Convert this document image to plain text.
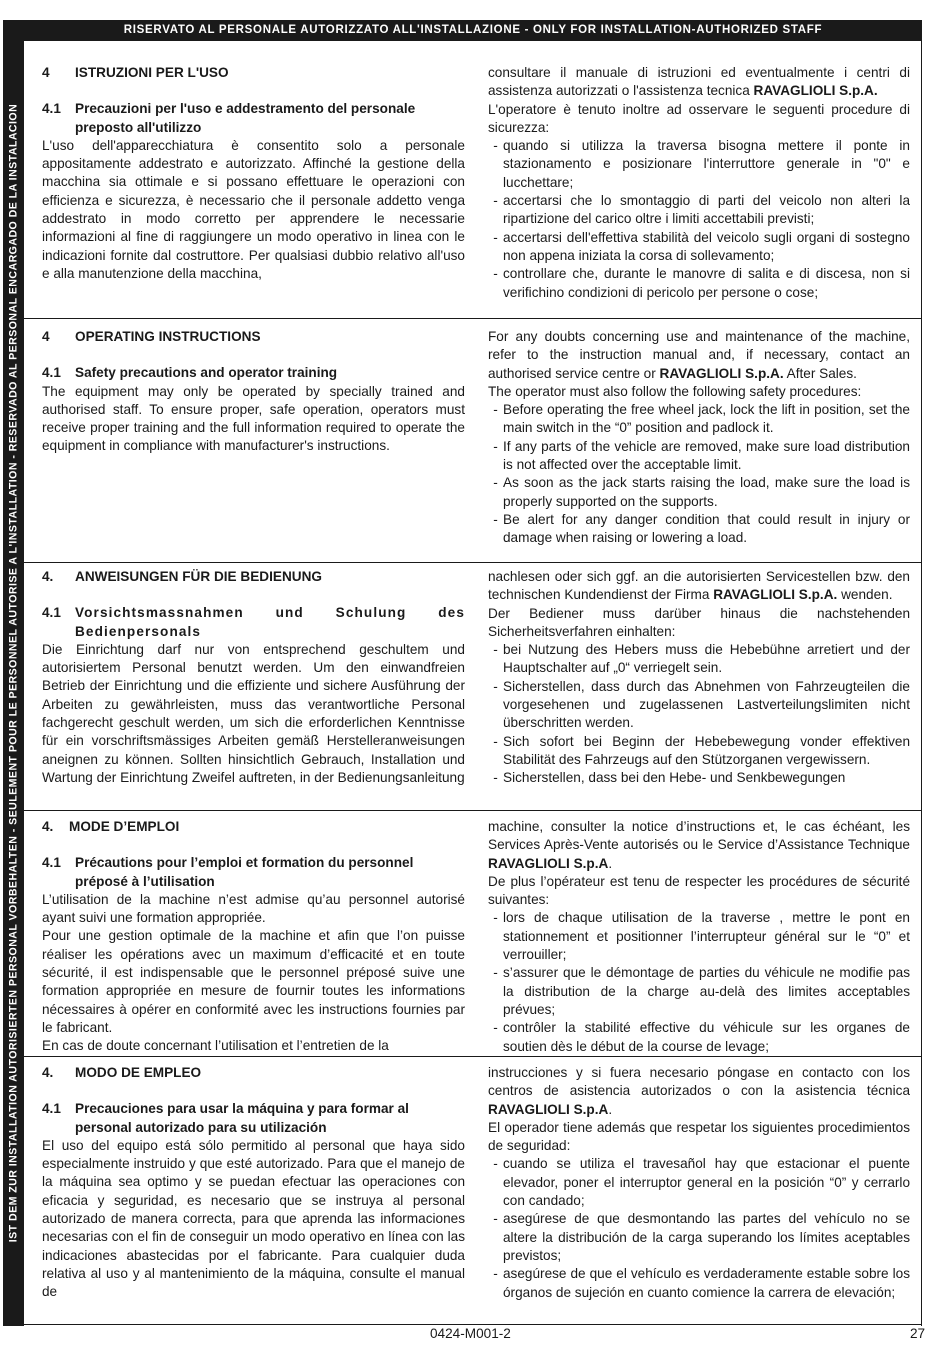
IST DEM ZUR INSTALLATION AUTORISIERTEN PERSONAL VORBEHALTEN - SEULEMENT POUR LE PERSONNEL AUTORISE A L'INSTALLATION - RESERVADO AL PERSONAL ENCARGADO DE LA INSTALACION
RISERVATO AL PERSONALE AUTORIZZATO ALL'INSTALLAZIONE - ONLY FOR INSTALLATION-AUTHORIZED STAFF
4	ISTRUZIONI PER L'USO
4.1	Precauzioni per l'uso e addestramento del personale preposto all'utilizzo
L'uso dell'apparecchiatura è consentito solo a personale appositamente addestrato e autorizzato. Affinché la gestione della macchina sia ottimale e si possano effettuare le operazioni con efficienza e sicurezza, è necessario che il personale addetto venga addestrato in modo corretto per apprendere le necessarie informazioni al fine di raggiungere un modo operativo in linea con le indicazioni fornite dal costruttore. Per qualsiasi dubbio relativo all'uso e alla manutenzione della macchina,
consultare il manuale di istruzioni ed eventualmente i centri di assistenza autorizzati o l'assistenza tecnica RAVAGLIOLI S.p.A.
L'operatore è tenuto inoltre ad osservare le seguenti procedure di sicurezza:
- quando si utilizza la traversa bisogna mettere il ponte in stazionamento e posizionare l'interruttore generale in "0" e lucchettare;
- accertarsi che lo smontaggio di parti del veicolo non alteri la ripartizione del carico oltre i limiti accettabili previsti;
- accertarsi dell'effettiva stabilità del veicolo sugli organi di sostegno non appena iniziata la corsa di sollevamento;
- controllare che, durante le manovre di salita e di discesa, non si verifichino condizioni di pericolo per persone o cose;
4	OPERATING INSTRUCTIONS
4.1	Safety precautions and operator training
The equipment may only be operated by specially trained and authorised staff. To ensure proper, safe operation, operators must receive proper training and the full information required to operate the equipment in compliance with manufacturer's instructions.
For any doubts concerning use and maintenance of the machine, refer to the instruction manual and, if necessary, contact an authorised service centre or RAVAGLIOLI S.p.A. After Sales.
The operator must also follow the following safety procedures:
- Before operating the free wheel jack, lock the lift in position, set the main switch in the “0” position and padlock it.
- If any parts of the vehicle are removed, make sure load distribution is not affected over the acceptable limit.
- As soon as the jack starts raising the load, make sure the load is properly supported on the supports.
- Be alert for any danger condition that could result in injury or damage when raising or lowering a load.
4.	ANWEISUNGEN FÜR DIE BEDIENUNG
4.1	Vorsichtsmassnahmen und Schulung des Bedienpersonals
Die Einrichtung darf nur von entsprechend geschultem und autorisiertem Personal benutzt werden. Um den einwandfreien Betrieb der Einrichtung und die effiziente und sichere Ausführung der Arbeiten zu gewährleisten, muss das verantwortliche Personal fachgerecht geschult werden, um sich die erforderlichen Kenntnisse für ein vorschriftsmässiges Arbeiten gemäß Herstelleranweisungen aneignen zu können. Sollten hinsichtlich Gebrauch, Installation und Wartung der Einrichtung Zweifel auftreten, in der Bedienungsanleitung
nachlesen oder sich ggf. an die autorisierten Servicestellen bzw. den technischen Kundendienst der Firma RAVAGLIOLI S.p.A. wenden.
Der Bediener muss darüber hinaus die nachstehenden Sicherheitsverfahren einhalten:
- bei Nutzung des Hebers muss die Hebebühne arretiert und der Hauptschalter auf „0“ verriegelt sein.
- Sicherstellen, dass durch das Abnehmen von Fahrzeugteilen die vorgesehenen und zugelassenen Lastverteilungslimiten nicht überschritten werden.
- Sich sofort bei Beginn der Hebebewegung vonder effektiven Stabilität des Fahrzeugs auf den Stützorganen vergewissern.
- Sicherstellen, dass bei den Hebe- und Senkbewegungen
4.	MODE D’EMPLOI
4.1	Précautions pour l’emploi et formation du personnel préposé à l’utilisation
L’utilisation de la machine n’est admise qu’au personnel autorisé ayant suivi une formation appropriée.
Pour une gestion optimale de la machine et afin que l’on puisse réaliser les opérations avec un maximum d’efficacité et en toute sécurité, il est indispensable que le personnel préposé suive une formation appropriée en mesure de fournir toutes les informations nécessaires à opérer en conformité avec les instructions fournies par le fabricant.
En cas de doute concernant l’utilisation et l’entretien de la
machine, consulter la notice d’instructions et, le cas échéant, les Services Après-Vente autorisés ou le Service d’Assistance Technique RAVAGLIOLI S.p.A.
De plus l’opérateur est tenu de respecter les procédures de sécurité suivantes:
- lors de chaque utilisation de la traverse , mettre le pont en stationnement et positionner l’interrupteur général sur le “0” et verrouiller;
- s’assurer que le démontage de parties du véhicule ne modifie pas la distribution de la charge au-delà des limites acceptables prévues;
- contrôler la stabilité effective du véhicule sur les organes de soutien dès le début de la course de levage;
4.	MODO DE EMPLEO
4.1	Precauciones para usar la máquina y para formar al personal autorizado para su utilización
El uso del equipo está sólo permitido al personal que haya sido especialmente instruido y que esté autorizado. Para que el manejo de la máquina sea optimo y se puedan efectuar las operaciones con eficacia y seguridad, es necesario que se instruya al personal autorizado de manera correcta, para que aprenda las informaciones necesarias con el fin de conseguir un modo operativo en línea con las indicaciones abastecidas por el fabricante. Para cualquier duda relativa al uso y al mantenimiento de la máquina, consulte el manual de
instrucciones y si fuera necesario póngase en contacto con los centros de asistencia autorizados o con la asistencia técnica RAVAGLIOLI S.p.A.
El operador tiene además que respetar los siguientes procedimientos de seguridad:
- cuando se utiliza el travesañol hay que estacionar el puente elevador, poner el interruptor general en la posición “0” y cerrarlo con candado;
- asegúrese de que desmontando las partes del vehículo no se altere la distribución de la carga superando los límites aceptables previstos;
- asegúrese de que el vehículo es verdaderamente estable sobre los órganos de sujeción en cuanto comience la carrera de elevación;
0424-M001-2	27
